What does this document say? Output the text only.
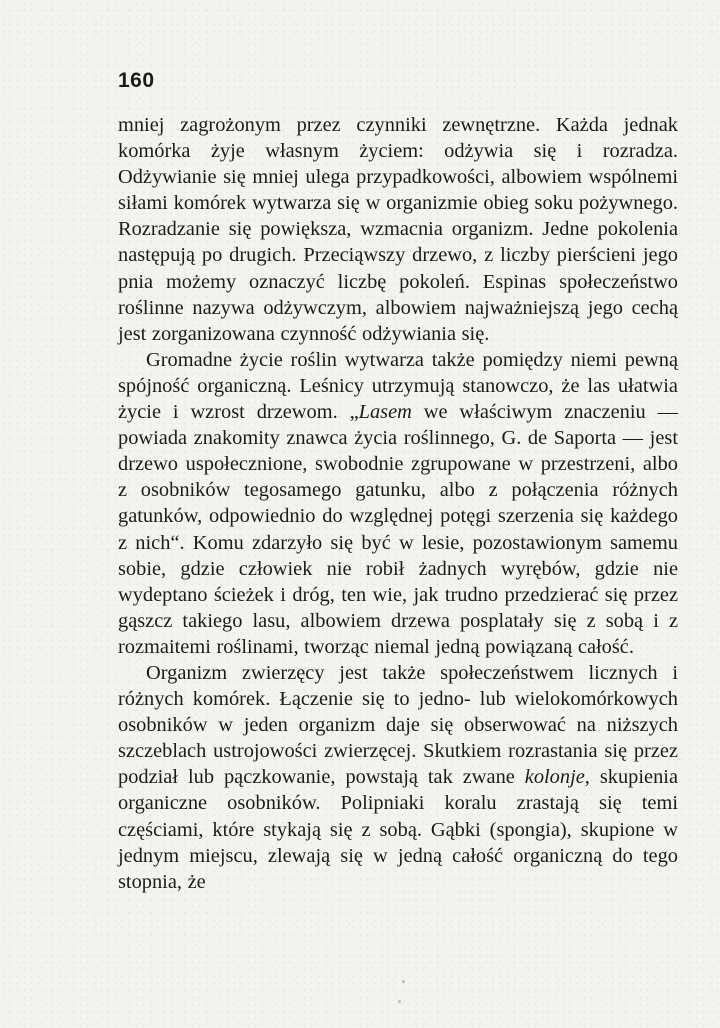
160

mniej zagrożonym przez czynniki zewnętrzne. Każda jednak komórka żyje własnym życiem: odżywia się i rozradza. Odżywianie się mniej ulega przypadkowości, albowiem wspólnemi siłami komórek wytwarza się w organizmie obieg soku pożywnego. Rozradzanie się powiększa, wzmacnia organizm. Jedne pokolenia następują po drugich. Przeciąwszy drzewo, z liczby pierścieni jego pnia możemy oznaczyć liczbę pokoleń. Espinas społeczeństwo roślinne nazywa odżywczym, albowiem najważniejszą jego cechą jest zorganizowana czynność odżywiania się.

Gromadne życie roślin wytwarza także pomiędzy niemi pewną spójność organiczną. Leśnicy utrzymują stanowczo, że las ułatwia życie i wzrost drzewom. „Lasem we właściwym znaczeniu — powiada znakomity znawca życia roślinnego, G. de Saporta — jest drzewo uspołecznione, swobodnie zgrupowane w przestrzeni, albo z osobników tegosamego gatunku, albo z połączenia różnych gatunków, odpowiednio do względnej potęgi szerzenia się każdego z nich“. Komu zdarzyło się być w lesie, pozostawionym samemu sobie, gdzie człowiek nie robił żadnych wyrębów, gdzie nie wydeptano ścieżek i dróg, ten wie, jak trudno przedzierać się przez gąszcz takiego lasu, albowiem drzewa posplatały się z sobą i z rozmaitemi roślinami, tworząc niemal jedną powiązaną całość.

Organizm zwierzęcy jest także społeczeństwem licznych i różnych komórek. Łączenie się to jedno- lub wielokomórkowych osobników w jeden organizm daje się obserwować na niższych szczeblach ustrojowości zwierzęcej. Skutkiem rozrastania się przez podział lub pączkowanie, powstają tak zwane kolonje, skupienia organiczne osobników. Polipniaki koralu zrastają się temi częściami, które stykają się z sobą. Gąbki (spongia), skupione w jednym miejscu, zlewają się w jedną całość organiczną do tego stopnia, że
